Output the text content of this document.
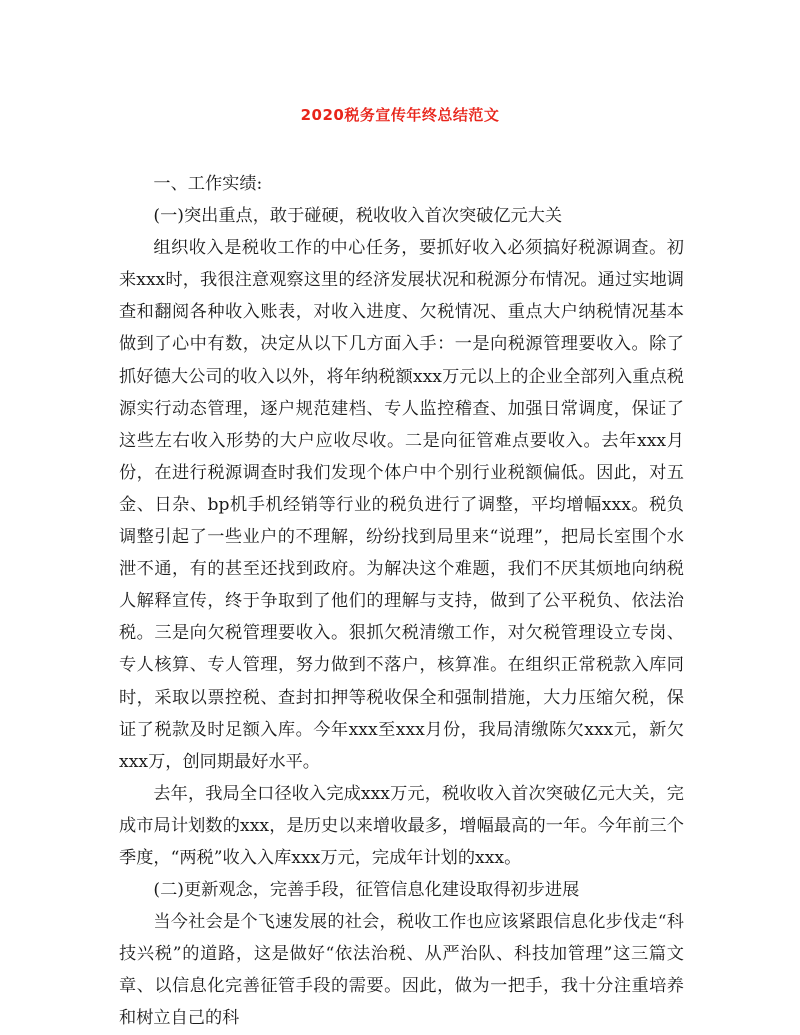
2020税务宣传年终总结范文

一、工作实绩:

(一)突出重点，敢于碰硬，税收收入首次突破亿元大关

组织收入是税收工作的中心任务，要抓好收入必须搞好税源调查。初来xxx时，我很注意观察这里的经济发展状况和税源分布情况。通过实地调查和翻阅各种收入账表，对收入进度、欠税情况、重点大户纳税情况基本做到了心中有数，决定从以下几方面入手：一是向税源管理要收入。除了抓好德大公司的收入以外，将年纳税额xxx万元以上的企业全部列入重点税源实行动态管理，逐户规范建档、专人监控稽查、加强日常调度，保证了这些左右收入形势的大户应收尽收。二是向征管难点要收入。去年xxx月份，在进行税源调查时我们发现个体户中个别行业税额偏低。因此，对五金、日杂、bp机手机经销等行业的税负进行了调整，平均增幅xxx。税负调整引起了一些业户的不理解，纷纷找到局里来“说理”，把局长室围个水泄不通，有的甚至还找到政府。为解决这个难题，我们不厌其烦地向纳税人解释宣传，终于争取到了他们的理解与支持，做到了公平税负、依法治税。三是向欠税管理要收入。狠抓欠税清缴工作，对欠税管理设立专岗、专人核算、专人管理，努力做到不落户，核算准。在组织正常税款入库同时，采取以票控税、查封扣押等税收保全和强制措施，大力压缩欠税，保证了税款及时足额入库。今年xxx至xxx月份，我局清缴陈欠xxx元，新欠xxx万，创同期最好水平。

去年，我局全口径收入完成xxx万元，税收收入首次突破亿元大关，完成市局计划数的xxx，是历史以来增收最多，增幅最高的一年。今年前三个季度，“两税”收入入库xxx万元，完成年计划的xxx。

(二)更新观念，完善手段，征管信息化建设取得初步进展

当今社会是个飞速发展的社会，税收工作也应该紧跟信息化步伐走“科技兴税”的道路，这是做好“依法治税、从严治队、科技加管理”这三篇文章、以信息化完善征管手段的需要。因此，做为一把手，我十分注重培养和树立自己的科
